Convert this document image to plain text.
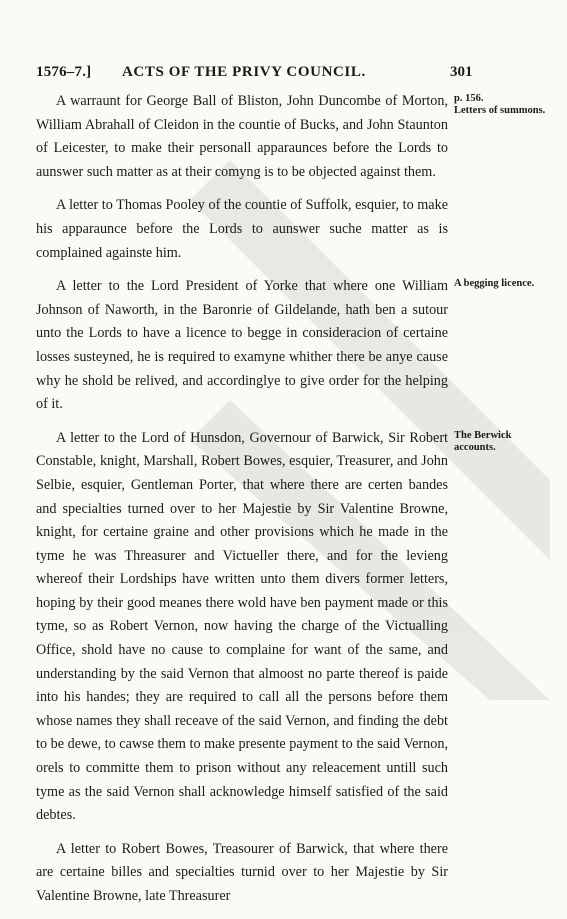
1576–7.] ACTS OF THE PRIVY COUNCIL.	301

A warraunt for George Ball of Bliston, John Duncombe of Morton, William Abrahall of Cleidon in the countie of Bucks, and John Staunton of Leicester, to make their personall apparaunces before the Lords to aunswer such matter as at their comyng is to be objected against them.

p. 156.
Letters of summons.

A letter to Thomas Pooley of the countie of Suffolk, esquier, to make his apparaunce before the Lords to aunswer suche matter as is complained againste him.

A letter to the Lord President of Yorke that where one William Johnson of Naworth, in the Baronrie of Gildelande, hath ben a sutour unto the Lords to have a licence to begge in consideracion of certaine losses susteyned, he is required to examyne whither there be anye cause why he shold be relived, and accordinglye to give order for the helping of it.

A begging licence.

A letter to the Lord of Hunsdon, Governour of Barwick, Sir Robert Constable, knight, Marshall, Robert Bowes, esquier, Treasurer, and John Selbie, esquier, Gentleman Porter, that where there are certen bandes and specialties turned over to her Majestie by Sir Valentine Browne, knight, for certaine graine and other provisions which he made in the tyme he was Threasurer and Victueller there, and for the levieng whereof their Lordships have written unto them divers former letters, hoping by their good meanes there wold have ben payment made or this tyme, so as Robert Vernon, now having the charge of the Victualling Office, shold have no cause to complaine for want of the same, and understanding by the said Vernon that almoost no parte thereof is paide into his handes; they are required to call all the persons before them whose names they shall receave of the said Vernon, and finding the debt to be dewe, to cawse them to make presente payment to the said Vernon, orels to committe them to prison without any releacement untill such tyme as the said Vernon shall acknowledge himself satisfied of the said debtes.

The Berwick accounts.

A letter to Robert Bowes, Treasourer of Barwick, that where there are certaine billes and specialties turnid over to her Majestie by Sir Valentine Browne, late Threasurer
